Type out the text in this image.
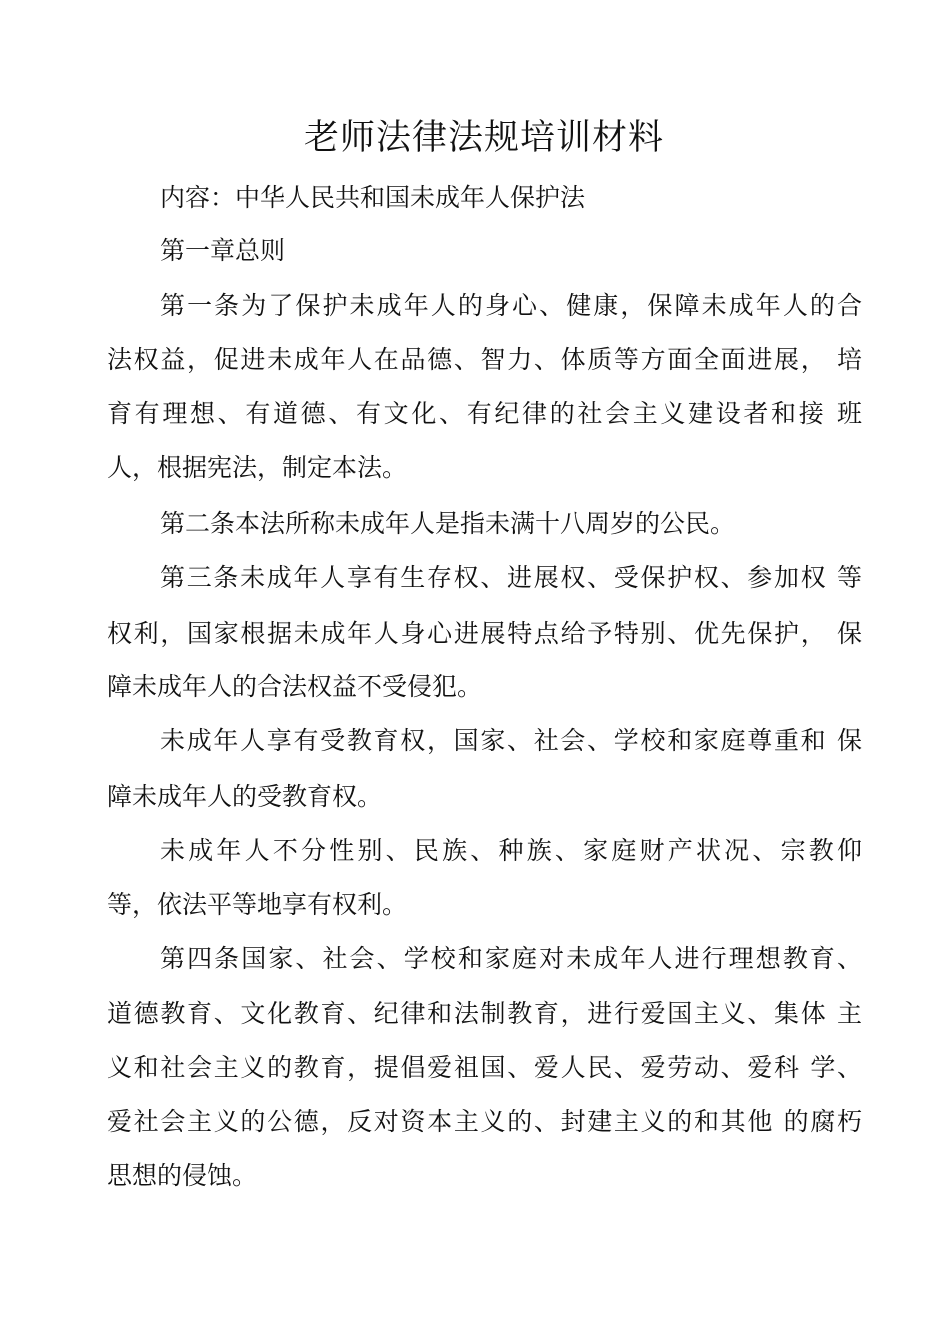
老师法律法规培训材料

内容：中华人民共和国未成年人保护法

第一章总则

第一条为了保护未成年人的身心、健康，保障未成年人的合

法权益，促进未成年人在品德、智力、体质等方面全面进展， 培

育有理想、有道德、有文化、有纪律的社会主义建设者和接 班

人，根据宪法，制定本法。

第二条本法所称未成年人是指未满十八周岁的公民。

第三条未成年人享有生存权、进展权、受保护权、参加权 等

权利，国家根据未成年人身心进展特点给予特别、优先保护， 保

障未成年人的合法权益不受侵犯。

未成年人享有受教育权，国家、社会、学校和家庭尊重和 保

障未成年人的受教育权。

未成年人不分性别、民族、种族、家庭财产状况、宗教仰

等，依法平等地享有权利。

第四条国家、社会、学校和家庭对未成年人进行理想教育、

道德教育、文化教育、纪律和法制教育，进行爱国主义、集体 主

义和社会主义的教育，提倡爱祖国、爱人民、爱劳动、爱科 学、

爱社会主义的公德，反对资本主义的、封建主义的和其他 的腐朽

思想的侵蚀。
